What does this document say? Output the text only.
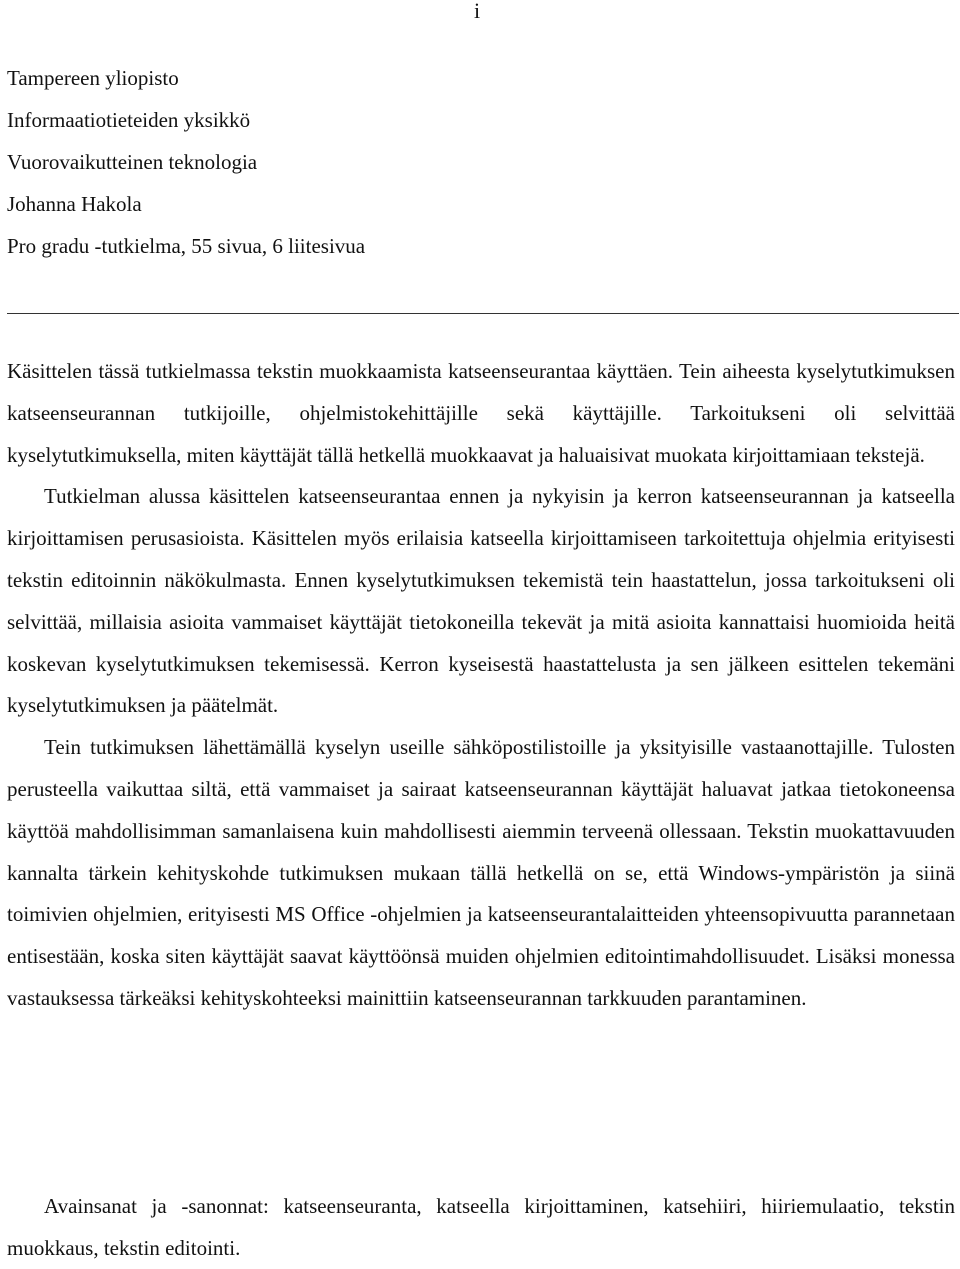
i
Tampereen yliopisto
Informaatiotieteiden yksikkö
Vuorovaikutteinen teknologia
Johanna Hakola
Pro gradu -tutkielma, 55 sivua, 6 liitesivua

Käsittelen tässä tutkielmassa tekstin muokkaamista katseenseurantaa käyttäen. Tein aiheesta kyselytutkimuksen katseenseurannan tutkijoille, ohjelmistokehittäjille sekä käyttäjille. Tarkoitukseni oli selvittää kyselytutkimuksella, miten käyttäjät tällä hetkellä muokkaavat ja haluaisivat muokata kirjoittamiaan tekstejä.

Tutkielman alussa käsittelen katseenseurantaa ennen ja nykyisin ja kerron katseenseurannan ja katseella kirjoittamisen perusasioista. Käsittelen myös erilaisia katseella kirjoittamiseen tarkoitettuja ohjelmia erityisesti tekstin editoinnin näkökulmasta. Ennen kyselytutkimuksen tekemistä tein haastattelun, jossa tarkoitukseni oli selvittää, millaisia asioita vammaiset käyttäjät tietokoneilla tekevät ja mitä asioita kannattaisi huomioida heitä koskevan kyselytutkimuksen tekemisessä. Kerron kyseisestä haastattelusta ja sen jälkeen esittelen tekemäni kyselytutkimuksen ja päätelmät.

Tein tutkimuksen lähettämällä kyselyn useille sähköpostilistoille ja yksityisille vastaanottajille. Tulosten perusteella vaikuttaa siltä, että vammaiset ja sairaat katseenseurannan käyttäjät haluavat jatkaa tietokoneensa käyttöä mahdollisimman samanlaisena kuin mahdollisesti aiemmin terveenä ollessaan. Tekstin muokattavuuden kannalta tärkein kehityskohde tutkimuksen mukaan tällä hetkellä on se, että Windows-ympäristön ja siinä toimivien ohjelmien, erityisesti MS Office -ohjelmien ja katseenseurantalaitteiden yhteensopivuutta parannetaan entisestään, koska siten käyttäjät saavat käyttöönsä muiden ohjelmien editointimahdollisuudet. Lisäksi monessa vastauksessa tärkeäksi kehityskohteeksi mainittiin katseenseurannan tarkkuuden parantaminen.

Avainsanat ja -sanonnat: katseenseuranta, katseella kirjoittaminen, katsehiiri, hiiriemulaatio, tekstin muokkaus, tekstin editointi.
